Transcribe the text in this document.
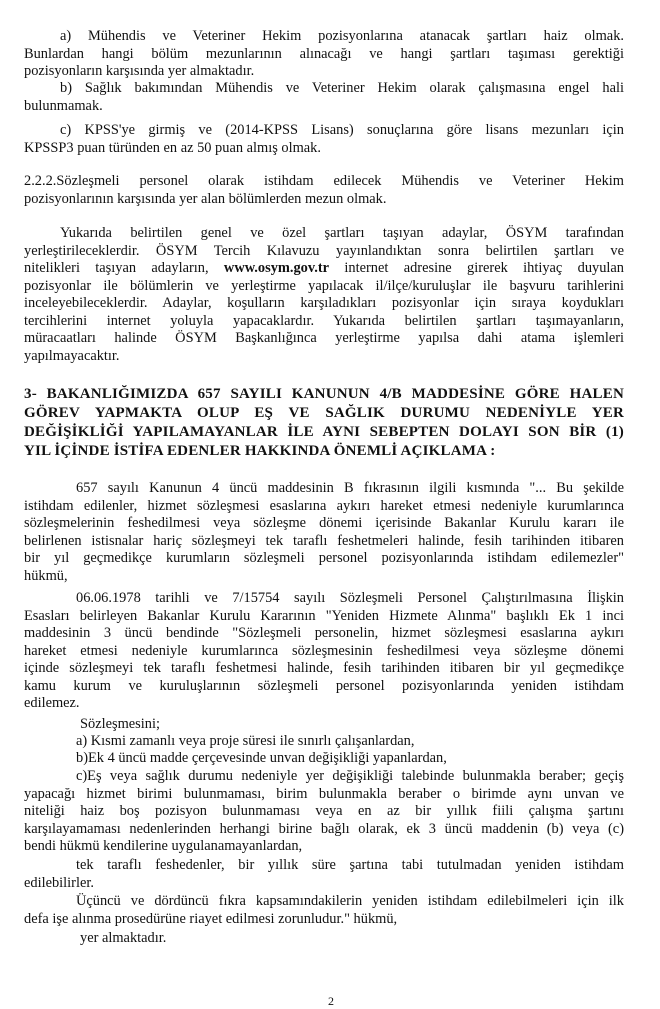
a) Mühendis ve Veteriner Hekim pozisyonlarına atanacak şartları haiz olmak.
Bunlardan hangi bölüm mezunlarının alınacağı ve hangi şartları taşıması gerektiği
pozisyonların karşısında yer almaktadır.
b) Sağlık bakımından Mühendis ve Veteriner Hekim olarak çalışmasına engel hali
bulunmamak.
c) KPSS'ye girmiş ve (2014-KPSS Lisans) sonuçlarına göre lisans mezunları için
KPSSP3 puan türünden en az 50 puan almış olmak.
2.2.2.Sözleşmeli personel olarak istihdam edilecek Mühendis ve Veteriner Hekim
pozisyonlarının karşısında yer alan bölümlerden mezun olmak.
Yukarıda belirtilen genel ve özel şartları taşıyan adaylar, ÖSYM tarafından
yerleştirileceklerdir. ÖSYM Tercih Kılavuzu yayınlandıktan sonra belirtilen şartları ve
nitelikleri taşıyan adayların, www.osym.gov.tr internet adresine girerek ihtiyaç duyulan
pozisyonlar ile bölümlerin ve yerleştirme yapılacak il/ilçe/kuruluşlar ile başvuru tarihlerini
inceleyebileceklerdir. Adaylar, koşulların karşıladıkları pozisyonlar için sıraya koydukları
tercihlerini internet yoluyla yapacaklardır. Yukarıda belirtilen şartları taşımayanların,
müracaatları halinde ÖSYM Başkanlığınca yerleştirme yapılsa dahi atama işlemleri
yapılmayacaktır.
3- BAKANLIĞIMIZDA 657 SAYILI KANUNUN 4/B MADDESİNE GÖRE HALEN
GÖREV YAPMAKTA OLUP EŞ VE SAĞLIK DURUMU NEDENİYLE YER
DEĞİŞİKLİĞİ YAPILAMAYANLAR İLE AYNI SEBEPTEN DOLAYI SON BİR (1)
YIL İÇİNDE İSTİFA EDENLER HAKKINDA ÖNEMLİ AÇIKLAMA :
657 sayılı Kanunun 4 üncü maddesinin B fıkrasının ilgili kısmında "... Bu şekilde
istihdam edilenler, hizmet sözleşmesi esaslarına aykırı hareket etmesi nedeniyle kurumlarınca
sözleşmelerinin feshedilmesi veya sözleşme dönemi içerisinde Bakanlar Kurulu kararı ile
belirlenen istisnalar hariç sözleşmeyi tek taraflı feshetmeleri halinde, fesih tarihinden itibaren
bir yıl geçmedikçe kurumların sözleşmeli personel pozisyonlarında istihdam edilemezler"
hükmü,
06.06.1978 tarihli ve 7/15754 sayılı Sözleşmeli Personel Çalıştırılmasına İlişkin
Esasları belirleyen Bakanlar Kurulu Kararının "Yeniden Hizmete Alınma" başlıklı Ek 1 inci
maddesinin 3 üncü bendinde "Sözleşmeli personelin, hizmet sözleşmesi esaslarına aykırı
hareket etmesi nedeniyle kurumlarınca sözleşmesinin feshedilmesi veya sözleşme dönemi
içinde sözleşmeyi tek taraflı feshetmesi halinde, fesih tarihinden itibaren bir yıl geçmedikçe
kamu kurum ve kuruluşlarının sözleşmeli personel pozisyonlarında yeniden istihdam
edilemez.
Sözleşmesini;
a) Kısmi zamanlı veya proje süresi ile sınırlı çalışanlardan,
b)Ek 4 üncü madde çerçevesinde unvan değişikliği yapanlardan,
c)Eş veya sağlık durumu nedeniyle yer değişikliği talebinde bulunmakla beraber; geçiş
yapacağı hizmet birimi bulunmaması, birim bulunmakla beraber o birimde aynı unvan ve
niteliği haiz boş pozisyon bulunmaması veya en az bir yıllık fiili çalışma şartını
karşılayamaması nedenlerinden herhangi birine bağlı olarak, ek 3 üncü maddenin (b) veya (c)
bendi hükmü kendilerine uygulanamayanlardan,
tek taraflı feshedenler, bir yıllık süre şartına tabi tutulmadan yeniden istihdam
edilebilirler.
Üçüncü ve dördüncü fıkra kapsamındakilerin yeniden istihdam edilebilmeleri için ilk
defa işe alınma prosedürüne riayet edilmesi zorunludur." hükmü,
yer almaktadır.
2
